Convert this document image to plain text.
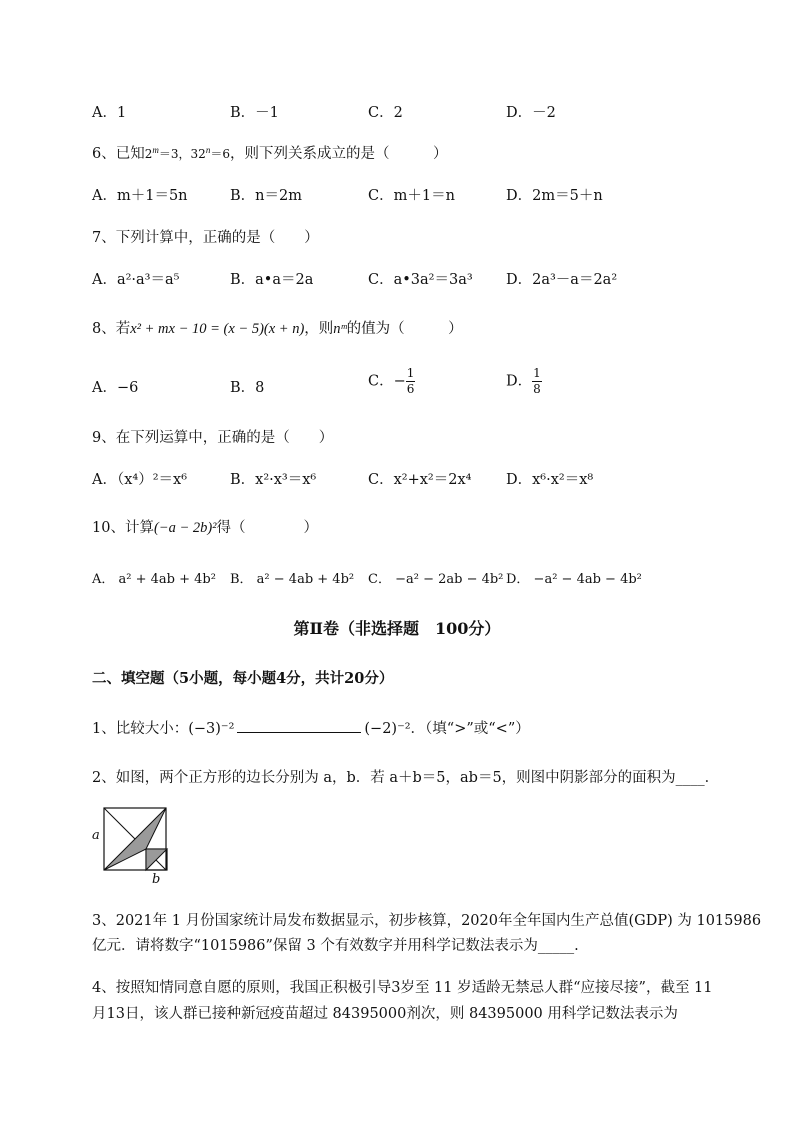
A．1	B．－1	C．2	D．－2
6、已知$2^m=3$，$32^n=6$，则下列关系成立的是（　　　）
A．m＋1＝5n	B．n＝2m	C．m＋1＝n	D．2m＝5＋n
7、下列计算中，正确的是（　　）
A．a²·a³＝a⁵	B．a•a＝2a	C．a•3a²＝3a³ D．2a³－a＝2a²
8、若x² + mx − 10 = (x − 5)(x + n)，则nᵐ的值为（　　　）
A．−6	B．8	C．− $\frac{1}{6}$	D． $\frac{1}{8}$
9、在下列运算中，正确的是（　　）
A．（x⁴）²＝x⁶	B．x²·x³＝x⁶	C．x²+x²＝2x⁴ D．x⁶·x²＝x⁸
10、计算(−a − 2b)²得（　　　　）
A． a² + 4ab + 4b² B． a² − 4ab + 4b² C． −a² − 2ab − 4b² D． −a² − 4ab − 4b²
第Ⅱ卷（非选择题　100分）
二、填空题（5小题，每小题4分，共计20分）
1、比较大小：(−3)⁻²	(−2)⁻²．（填“>”或“<”）
2、如图，两个正方形的边长分别为 a，b．若 a＋b＝5，ab＝5，则图中阴影部分的面积为____．
a
b
3、2021年 1 月份国家统计局发布数据显示，初步核算，2020年全年国内生产总值(GDP) 为 1015986
亿元．请将数字“1015986”保留 3 个有效数字并用科学记数法表示为_____.
4、按照知情同意自愿的原则，我国正积极引导3岁至 11 岁适龄无禁忌人群“应接尽接”，截至 11
月13日，该人群已接种新冠疫苗超过 84395000剂次，则 84395000 用科学记数法表示为
